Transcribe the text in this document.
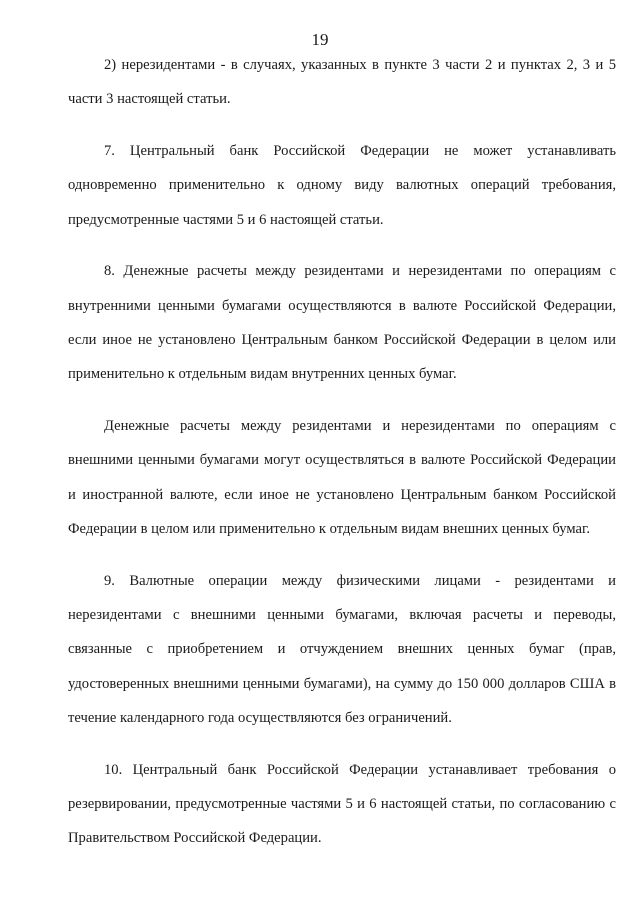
19

2) нерезидентами - в случаях, указанных в пункте 3 части 2 и пунктах 2, 3 и 5 части 3 настоящей статьи.

7. Центральный банк Российской Федерации не может устанавливать одновременно применительно к одному виду валютных операций требования, предусмотренные частями 5 и 6 настоящей статьи.

8. Денежные расчеты между резидентами и нерезидентами по операциям с внутренними ценными бумагами осуществляются в валюте Российской Федерации, если иное не установлено Центральным банком Российской Федерации в целом или применительно к отдельным видам внутренних ценных бумаг.

Денежные расчеты между резидентами и нерезидентами по операциям с внешними ценными бумагами могут осуществляться в валюте Российской Федерации и иностранной валюте, если иное не установлено Центральным банком Российской Федерации в целом или применительно к отдельным видам внешних ценных бумаг.

9. Валютные операции между физическими лицами - резидентами и нерезидентами с внешними ценными бумагами, включая расчеты и переводы, связанные с приобретением и отчуждением внешних ценных бумаг (прав, удостоверенных внешними ценными бумагами), на сумму до 150 000 долларов США в течение календарного года осуществляются без ограничений.

10. Центральный банк Российской Федерации устанавливает требования о резервировании, предусмотренные частями 5 и 6 настоящей статьи, по согласованию с Правительством Российской Федерации.
